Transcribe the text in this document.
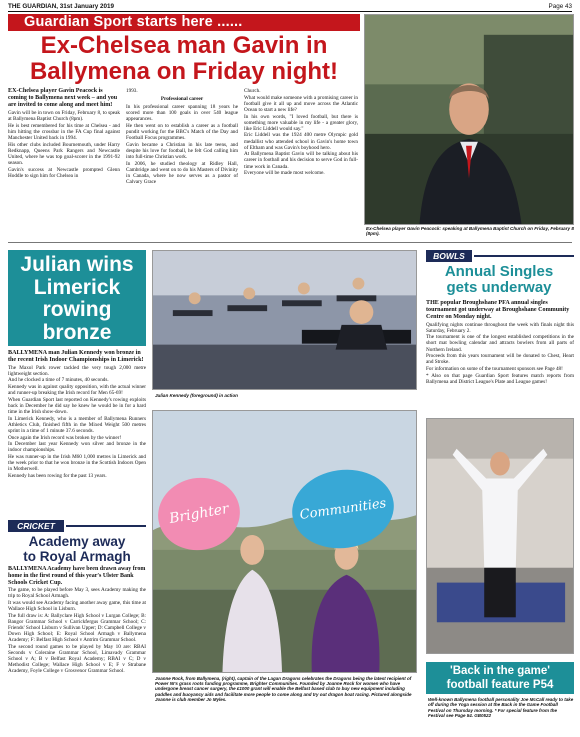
THE GUARDIAN, 31st January 2019	Page 43
Guardian Sport starts here ......
Ex-Chelsea man Gavin in
Ballymena on Friday night!
Ex-Chelsea player Gavin Peacock: speaking at Ballymena Baptist Church on Friday, February 8 (8pm).

EX-Chelsea player Gavin Peacock is coming to Ballymena next week – and you are invited to come along and meet him!

Gavin will be in town on Friday, February 8, to speak at Ballymena Baptist Church (8pm).

He is best remembered for his time at Chelsea - and him hitting the crossbar in the FA Cup final against Manchester United back in 1994.

His other clubs included Bournemouth, under Harry Redknapp, Queens Park Rangers and Newcastle United, where he was top goal-scorer in the 1991-92 season.

Gavin's success at Newcastle prompted Glenn Hoddle to sign him for Chelsea in

1993.

Professional career

In his professional career spanning 18 years he scored more than 100 goals in over 540 league appearances.

He then went on to establish a career as a football pundit working for the BBC's Match of the Day and Football Focus programmes.

Gavin became a Christian in his late teens, and despite his love for football, he felt God calling him into full-time Christian work.

In 2006, he studied theology at Ridley Hall, Cambridge and went on to do his Masters of Divinity in Canada, where he now serves as a pastor of Calvary Grace

Church.

What would make someone with a promising career in football give it all up and move across the Atlantic Ocean to start a new life?

In his own words, "I loved football, but there is something more valuable in my life - a greater glory, like Eric Liddell would say."

Eric Liddell was the 1924 400 metre Olympic gold medallist who attended school in Gavin's home town of Eltham and was Gavin's boyhood hero.

At Ballymena Baptist Gavin will be talking about his career in football and his decision to serve God in full-time work in Canada.

Everyone will be made most welcome.

Julian wins
Limerick
rowing
bronze

BALLYMENA man Julian Kennedy won bronze in the recent Irish Indoor Championships in Limerick!

The Maxol Park rower tackled the very tough 2,000 metre lightweight section.

And he clocked a time of 7 minutes, 40 seconds.

Kennedy was in against quality opposition, with the actual winner and runner-up breaking the Irish record for Men 65-69!

When Guardian Sport last reported on Kennedy's rowing exploits back in December he did say he knew he would be in for a hard time in the Irish show-down.

In Limerick Kennedy, who is a member of Ballymena Runners Athletics Club, finished fifth in the Mixed Weight 500 metres sprint in a time of 1 minute 37.6 seconds.

Once again the Irish record was broken by the winner!

In December last year Kennedy won silver and bronze in the indoor championships.

He was runner-up in the Irish M60 1,000 metres in Limerick and the week prior to that he won bronze in the Scottish Indoors Open in Motherwell.

Kennedy has been rowing for the past 13 years.

Julian Kennedy (foreground) in action
BOWLS
Annual Singles
gets underway

THE popular Broughshane PFA annual singles tournament got underway at Broughshane Community Centre on Monday night.

Qualifying nights continue throughout the week with finals night this Saturday, February 2.

The tournament is one of the longest established competitions in the short mat bowling calendar and attracts bowlers from all parts of Northern Ireland.

Proceeds from this years tournament will be donated to Chest, Heart and Stroke.

For information on some of the tournament sponsors see Page 48!

* Also on that page Guardian Sport features match reports from Ballymena and District League's Plate and League games!

CRICKET
Academy away
to Royal Armagh

BALLYMENA Academy have been drawn away from home in the first round of this year's Ulster Bank Schools Cricket Cup.

The game, to be played before May 3, sees Academy making the trip to Royal School Armagh.

It was would see Academy facing another away game, this time at Wallace High School in Lisburn.

The full draw is: A: Ballyclare High School v Lurgan College; B: Bangor Grammar School v Carrickfergus Grammar School; C: Friends' School Lisburn v Sullivan Upper; D: Campbell College v Down High School; E: Royal School Armagh v Ballymena Academy; F: Belfast High School v Antrim Grammar School.

The second round games to be played by May 10 are: RBAI Seconds v Coleraine Grammar School, Limavady Grammar School v A; B v Belfast Royal Academy; RBAI v C; D v Methodist College; Wallace High School v E; F v Strabane Academy, Foyle College v Grosvenor Grammar School.

Brighter	Communities
Joanne Rock, from Ballymena, (right), captain of the Lagan Dragons celebrates the Dragons being the latest recipient of Power NI's grass roots funding programme, Brighter Communities. Founded by Joanne Rock for women who have undergone breast cancer surgery, the £1000 grant will enable the Belfast based club to buy new equipment including paddles and buoyancy aids and facilitate more people to come along and try out dragon boat racing. Pictured alongside Joanne is club member Jo Myles.
'Back in the game'
football feature P54
Well-known Ballymena football personality Joe McCall ready to take off during the Yoga session at the Back in the Game Football Festival on Thursday morning. * For special feature from the Festival see Page 54. GB0522
